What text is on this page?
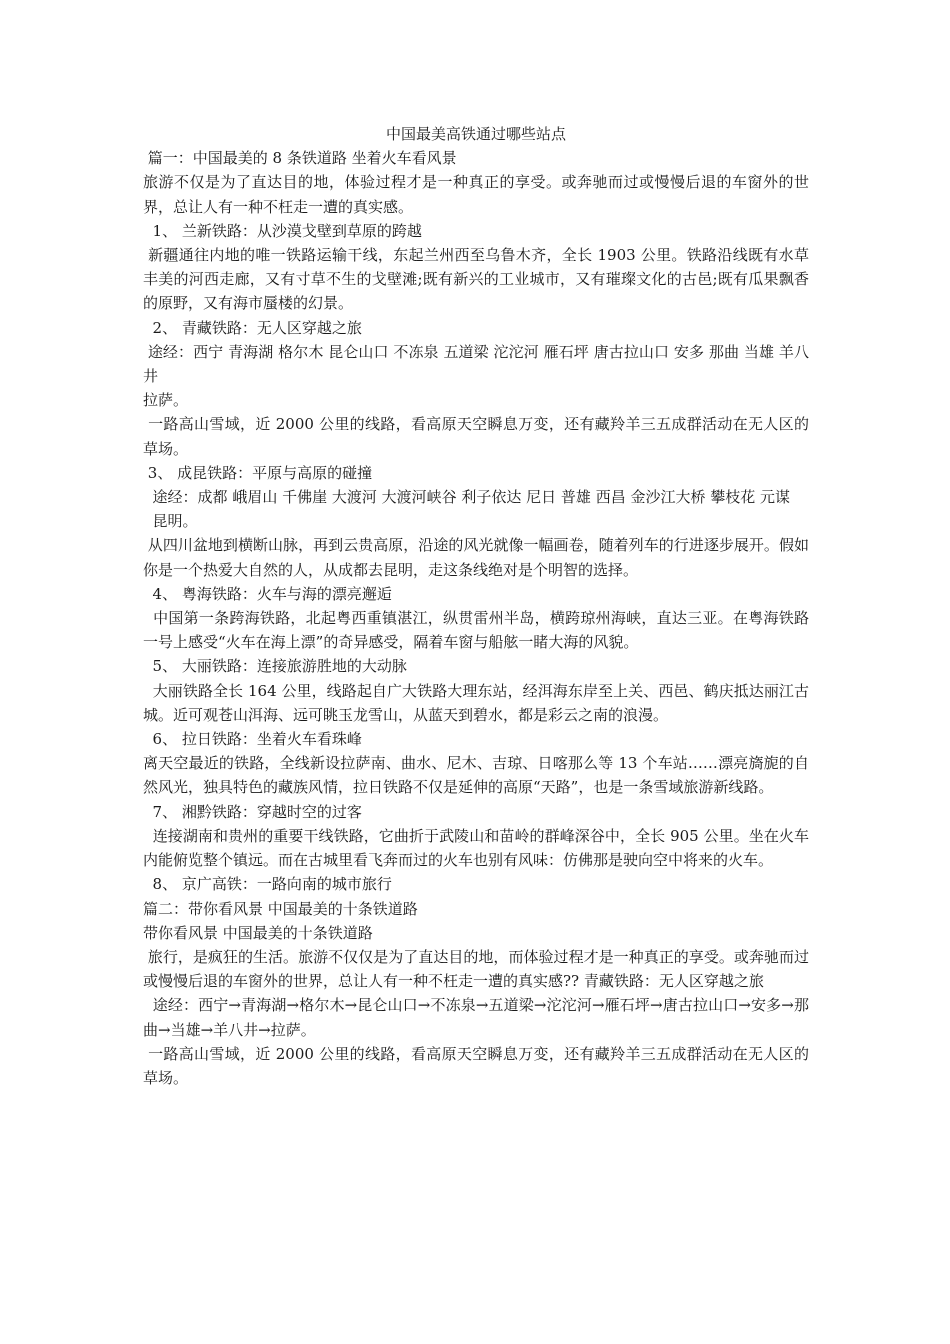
中国最美高铁通过哪些站点

篇一：中国最美的 8 条铁道路 坐着火车看风景

旅游不仅是为了直达目的地，体验过程才是一种真正的享受。或奔驰而过或慢慢后退的车窗外的世界，总让人有一种不枉走一遭的真实感。

1、 兰新铁路：从沙漠戈壁到草原的跨越

新疆通往内地的唯一铁路运输干线，东起兰州西至乌鲁木齐，全长 1903 公里。铁路沿线既有水草丰美的河西走廊，又有寸草不生的戈壁滩;既有新兴的工业城市，又有璀璨文化的古邑;既有瓜果飘香的原野，又有海市蜃楼的幻景。

2、 青藏铁路：无人区穿越之旅

途经：西宁 青海湖 格尔木 昆仑山口 不冻泉 五道梁 沱沱河 雁石坪 唐古拉山口 安多 那曲 当雄 羊八井

拉萨。

一路高山雪域，近 2000 公里的线路，看高原天空瞬息万变，还有藏羚羊三五成群活动在无人区的草场。

3、 成昆铁路：平原与高原的碰撞

途经：成都 峨眉山 千佛崖 大渡河 大渡河峡谷 利子依达 尼日 普雄 西昌 金沙江大桥 攀枝花 元谋

昆明。

从四川盆地到横断山脉，再到云贵高原，沿途的风光就像一幅画卷，随着列车的行进逐步展开。假如你是一个热爱大自然的人，从成都去昆明，走这条线绝对是个明智的选择。

4、 粤海铁路：火车与海的漂亮邂逅

中国第一条跨海铁路，北起粤西重镇湛江，纵贯雷州半岛，横跨琼州海峡，直达三亚。在粤海铁路一号上感受“火车在海上漂”的奇异感受，隔着车窗与船舷一睹大海的风貌。

5、 大丽铁路：连接旅游胜地的大动脉

大丽铁路全长 164 公里，线路起自广大铁路大理东站，经洱海东岸至上关、西邑、鹤庆抵达丽江古城。近可观苍山洱海、远可眺玉龙雪山，从蓝天到碧水，都是彩云之南的浪漫。

6、 拉日铁路：坐着火车看珠峰

离天空最近的铁路，全线新设拉萨南、曲水、尼木、吉琼、日喀那么等 13 个车站……漂亮旖旎的自然风光，独具特色的藏族风情，拉日铁路不仅是延伸的高原“天路”，也是一条雪域旅游新线路。

7、 湘黔铁路：穿越时空的过客

连接湖南和贵州的重要干线铁路，它曲折于武陵山和苗岭的群峰深谷中，全长 905 公里。坐在火车内能俯览整个镇远。而在古城里看飞奔而过的火车也别有风味：仿佛那是驶向空中将来的火车。

8、 京广高铁：一路向南的城市旅行

篇二：带你看风景 中国最美的十条铁道路

带你看风景 中国最美的十条铁道路

旅行，是疯狂的生活。旅游不仅仅是为了直达目的地，而体验过程才是一种真正的享受。或奔驰而过或慢慢后退的车窗外的世界，总让人有一种不枉走一遭的真实感?? 青藏铁路：无人区穿越之旅

途经：西宁→青海湖→格尔木→昆仑山口→不冻泉→五道梁→沱沱河→雁石坪→唐古拉山口→安多→那曲→当雄→羊八井→拉萨。

一路高山雪域，近 2000 公里的线路，看高原天空瞬息万变，还有藏羚羊三五成群活动在无人区的草场。
